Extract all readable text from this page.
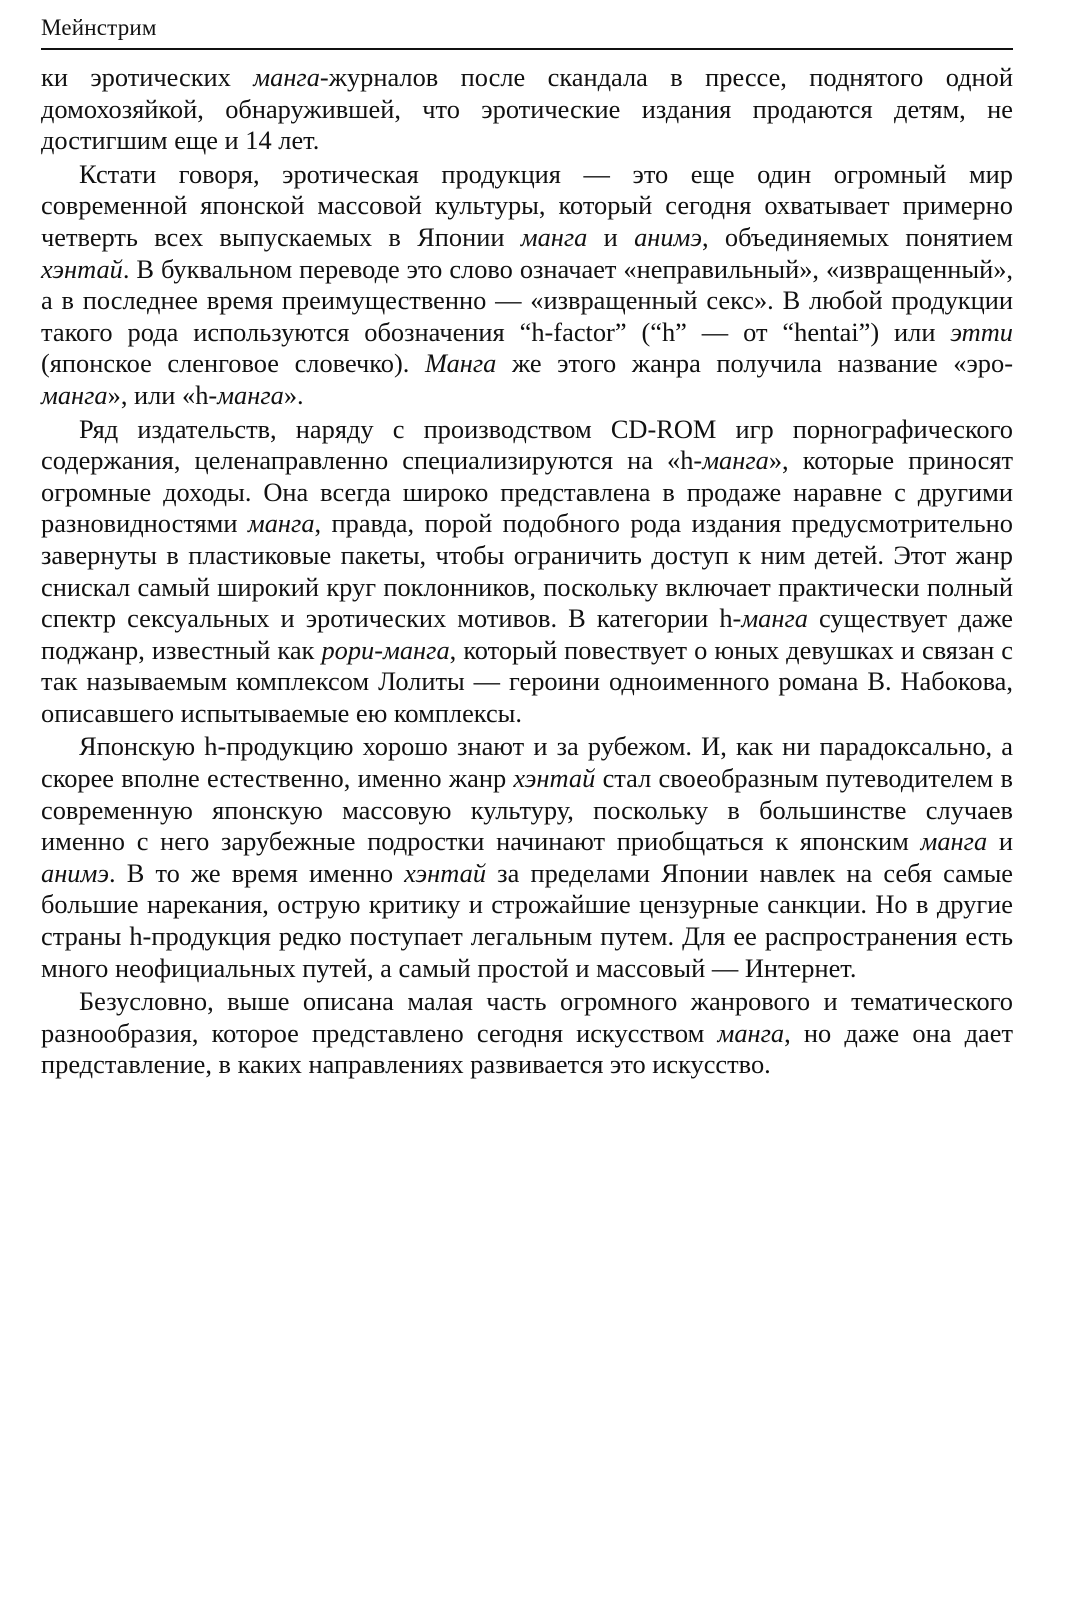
Мейнстрим

ки эротических манга-журналов после скандала в прессе, поднятого одной домохозяйкой, обнаружившей, что эротические издания продаются детям, не достигшим еще и 14 лет.

Кстати говоря, эротическая продукция — это еще один огромный мир современной японской массовой культуры, который сегодня охватывает примерно четверть всех выпускаемых в Японии манга и анимэ, объединяемых понятием хэнтай. В буквальном переводе это слово означает «неправильный», «извращенный», а в последнее время преимущественно — «извращенный секс». В любой продукции такого рода используются обозначения “h-factor” (“h” — от “hentai”) или этти (японское сленговое словечко). Манга же этого жанра получила название «эро-манга», или «h-манга».

Ряд издательств, наряду с производством CD-ROM игр порнографического содержания, целенаправленно специализируются на «h-манга», которые приносят огромные доходы. Она всегда широко представлена в продаже наравне с другими разновидностями манга, правда, порой подобного рода издания предусмотрительно завернуты в пластиковые пакеты, чтобы ограничить доступ к ним детей. Этот жанр снискал самый широкий круг поклонников, поскольку включает практически полный спектр сексуальных и эротических мотивов. В категории h-манга существует даже поджанр, известный как рори-манга, который повествует о юных девушках и связан с так называемым комплексом Лолиты — героини одноименного романа В. Набокова, описавшего испытываемые ею комплексы.

Японскую h-продукцию хорошо знают и за рубежом. И, как ни парадоксально, а скорее вполне естественно, именно жанр хэнтай стал своеобразным путеводителем в современную японскую массовую культуру, поскольку в большинстве случаев именно с него зарубежные подростки начинают приобщаться к японским манга и анимэ. В то же время именно хэнтай за пределами Японии навлек на себя самые большие нарекания, острую критику и строжайшие цензурные санкции. Но в другие страны h-продукция редко поступает легальным путем. Для ее распространения есть много неофициальных путей, а самый простой и массовый — Интернет.

Безусловно, выше описана малая часть огромного жанрового и тематического разнообразия, которое представлено сегодня искусством манга, но даже она дает представление, в каких направлениях развивается это искусство.
